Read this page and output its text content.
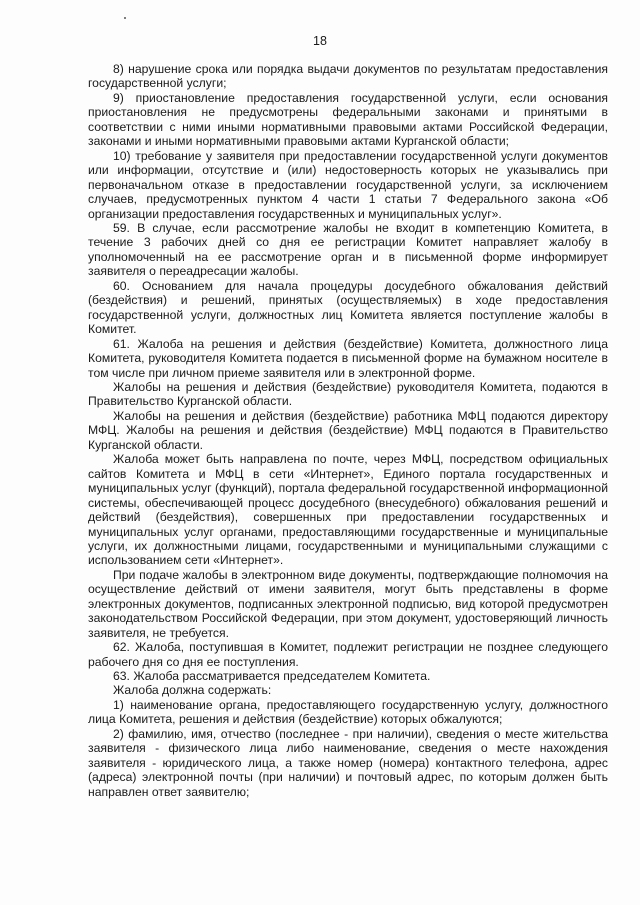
18

8) нарушение срока или порядка выдачи документов по результатам предоставления государственной услуги;

9) приостановление предоставления государственной услуги, если основания приостановления не предусмотрены федеральными законами и принятыми в соответствии с ними иными нормативными правовыми актами Российской Федерации, законами и иными нормативными правовыми актами Курганской области;

10) требование у заявителя при предоставлении государственной услуги документов или информации, отсутствие и (или) недостоверность которых не указывались при первоначальном отказе в предоставлении государственной услуги, за исключением случаев, предусмотренных пунктом 4 части 1 статьи 7 Федерального закона «Об организации предоставления государственных и муниципальных услуг».

59. В случае, если рассмотрение жалобы не входит в компетенцию Комитета, в течение 3 рабочих дней со дня ее регистрации Комитет направляет жалобу в уполномоченный на ее рассмотрение орган и в письменной форме информирует заявителя о переадресации жалобы.

60. Основанием для начала процедуры досудебного обжалования действий (бездействия) и решений, принятых (осуществляемых) в ходе предоставления государственной услуги, должностных лиц Комитета является поступление жалобы в Комитет.

61. Жалоба на решения и действия (бездействие) Комитета, должностного лица Комитета, руководителя Комитета подается в письменной форме на бумажном носителе в том числе при личном приеме заявителя или в электронной форме.

Жалобы на решения и действия (бездействие) руководителя Комитета, подаются в Правительство Курганской области.

Жалобы на решения и действия (бездействие) работника МФЦ подаются директору МФЦ. Жалобы на решения и действия (бездействие) МФЦ подаются в Правительство Курганской области.

Жалоба может быть направлена по почте, через МФЦ, посредством официальных сайтов Комитета и МФЦ в сети «Интернет», Единого портала государственных и муниципальных услуг (функций), портала федеральной государственной информационной системы, обеспечивающей процесс досудебного (внесудебного) обжалования решений и действий (бездействия), совершенных при предоставлении государственных и муниципальных услуг органами, предоставляющими государственные и муниципальные услуги, их должностными лицами, государственными и муниципальными служащими с использованием сети «Интернет».

При подаче жалобы в электронном виде документы, подтверждающие полномочия на осуществление действий от имени заявителя, могут быть представлены в форме электронных документов, подписанных электронной подписью, вид которой предусмотрен законодательством Российской Федерации, при этом документ, удостоверяющий личность заявителя, не требуется.

62. Жалоба, поступившая в Комитет, подлежит регистрации не позднее следующего рабочего дня со дня ее поступления.

63. Жалоба рассматривается председателем Комитета.

Жалоба должна содержать:

1) наименование органа, предоставляющего государственную услугу, должностного лица Комитета, решения и действия (бездействие) которых обжалуются;

2) фамилию, имя, отчество (последнее - при наличии), сведения о месте жительства заявителя - физического лица либо наименование, сведения о месте нахождения заявителя - юридического лица, а также номер (номера) контактного телефона, адрес (адреса) электронной почты (при наличии) и почтовый адрес, по которым должен быть направлен ответ заявителю;
